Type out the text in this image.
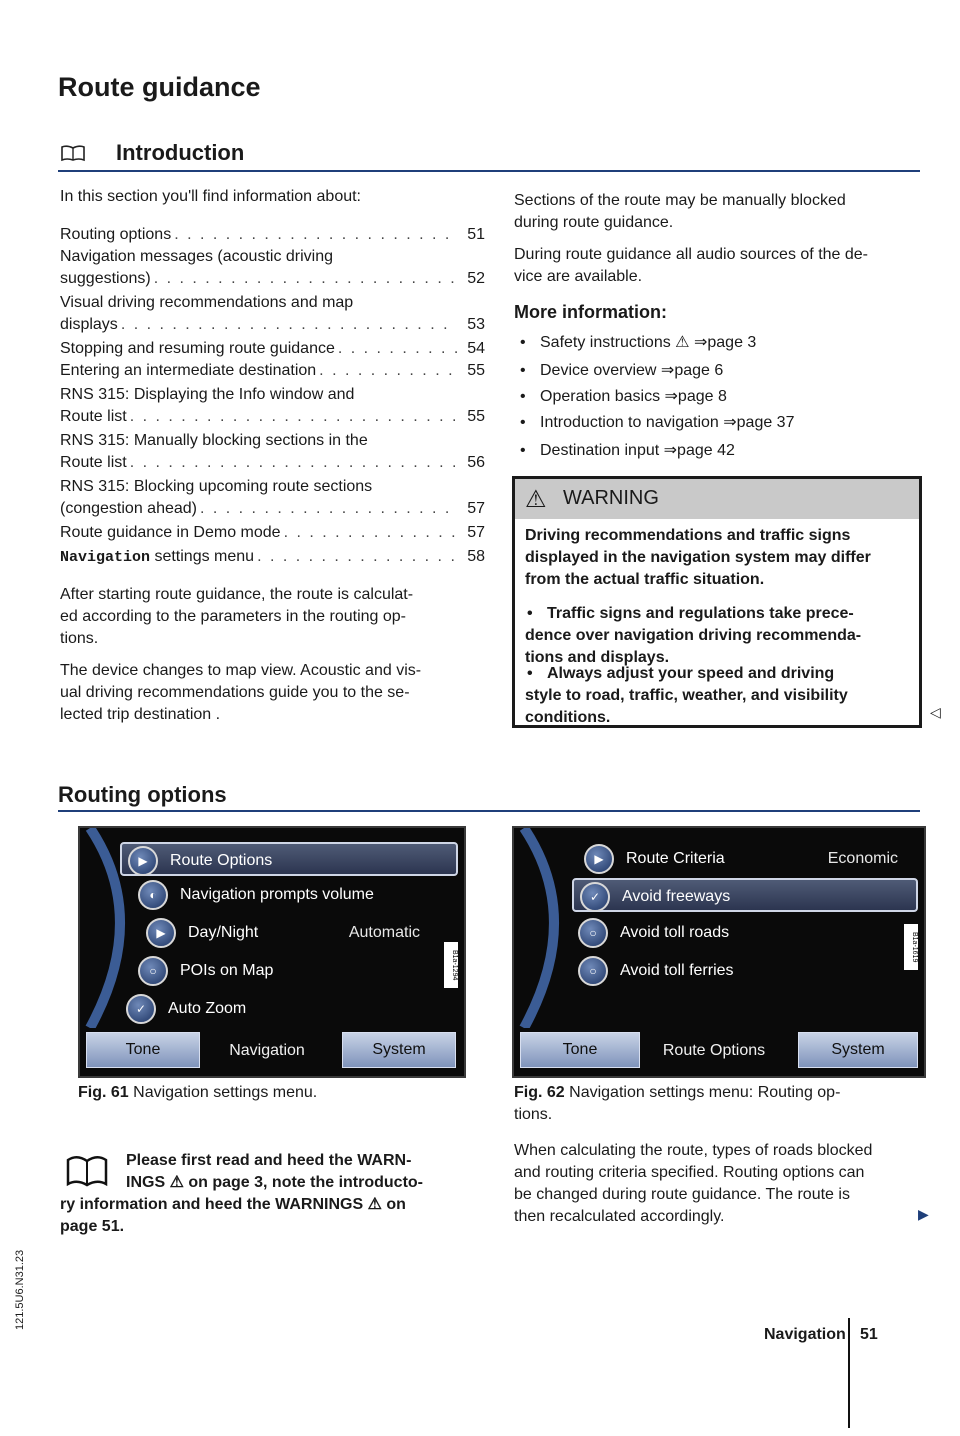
Route guidance
Introduction
In this section you'll find information about:
Routing options . . .	51
Navigation messages (acoustic driving
suggestions) . . .	52
Visual driving recommendations and map
displays . . .	53
Stopping and resuming route guidance . . .	54
Entering an intermediate destination . . .	55
RNS 315: Displaying the Info window and
Route list . . .	55
RNS 315: Manually blocking sections in the
Route list . . .	56
RNS 315: Blocking upcoming route sections
(congestion ahead) . . .	57
Route guidance in Demo mode . . .	57
Navigation settings menu . . .	58
After starting route guidance, the route is calculat-
ed according to the parameters in the routing op-
tions.
The device changes to map view. Acoustic and vis-
ual driving recommendations guide you to the se-
lected trip destination .
Routing options
▶	Route Options
◐	Navigation prompts volume
▶	Day/Night	Automatic
○	POIs on Map
✓	Auto Zoom
B1a-1294
Tone	Navigation	System
Fig. 61 Navigation settings menu.
Please first read and heed the WARN-
INGS ⚠ on page 3, note the introducto-
ry information and heed the WARNINGS ⚠ on
page 51.
Sections of the route may be manually blocked
during route guidance.
During route guidance all audio sources of the de-
vice are available.
More information:
• Safety instructions ⚠ ⇒page 3
• Device overview ⇒page 6
• Operation basics ⇒page 8
• Introduction to navigation ⇒page 37
• Destination input ⇒page 42
⚠ WARNING
Driving recommendations and traffic signs
displayed in the navigation system may differ
from the actual traffic situation.
• Traffic signs and regulations take prece-
dence over navigation driving recommenda-
tions and displays.
• Always adjust your speed and driving
style to road, traffic, weather, and visibility
conditions.	◁
▶	Route Criteria	Economic
✓	Avoid freeways
○	Avoid toll roads
○	Avoid toll ferries
B1a-1619
Tone	Route Options	System
Fig. 62 Navigation settings menu: Routing op-
tions.
When calculating the route, types of roads blocked
and routing criteria specified. Routing options can
be changed during route guidance. The route is
then recalculated accordingly.	▶
Navigation 51
121.5U6.N31.23
